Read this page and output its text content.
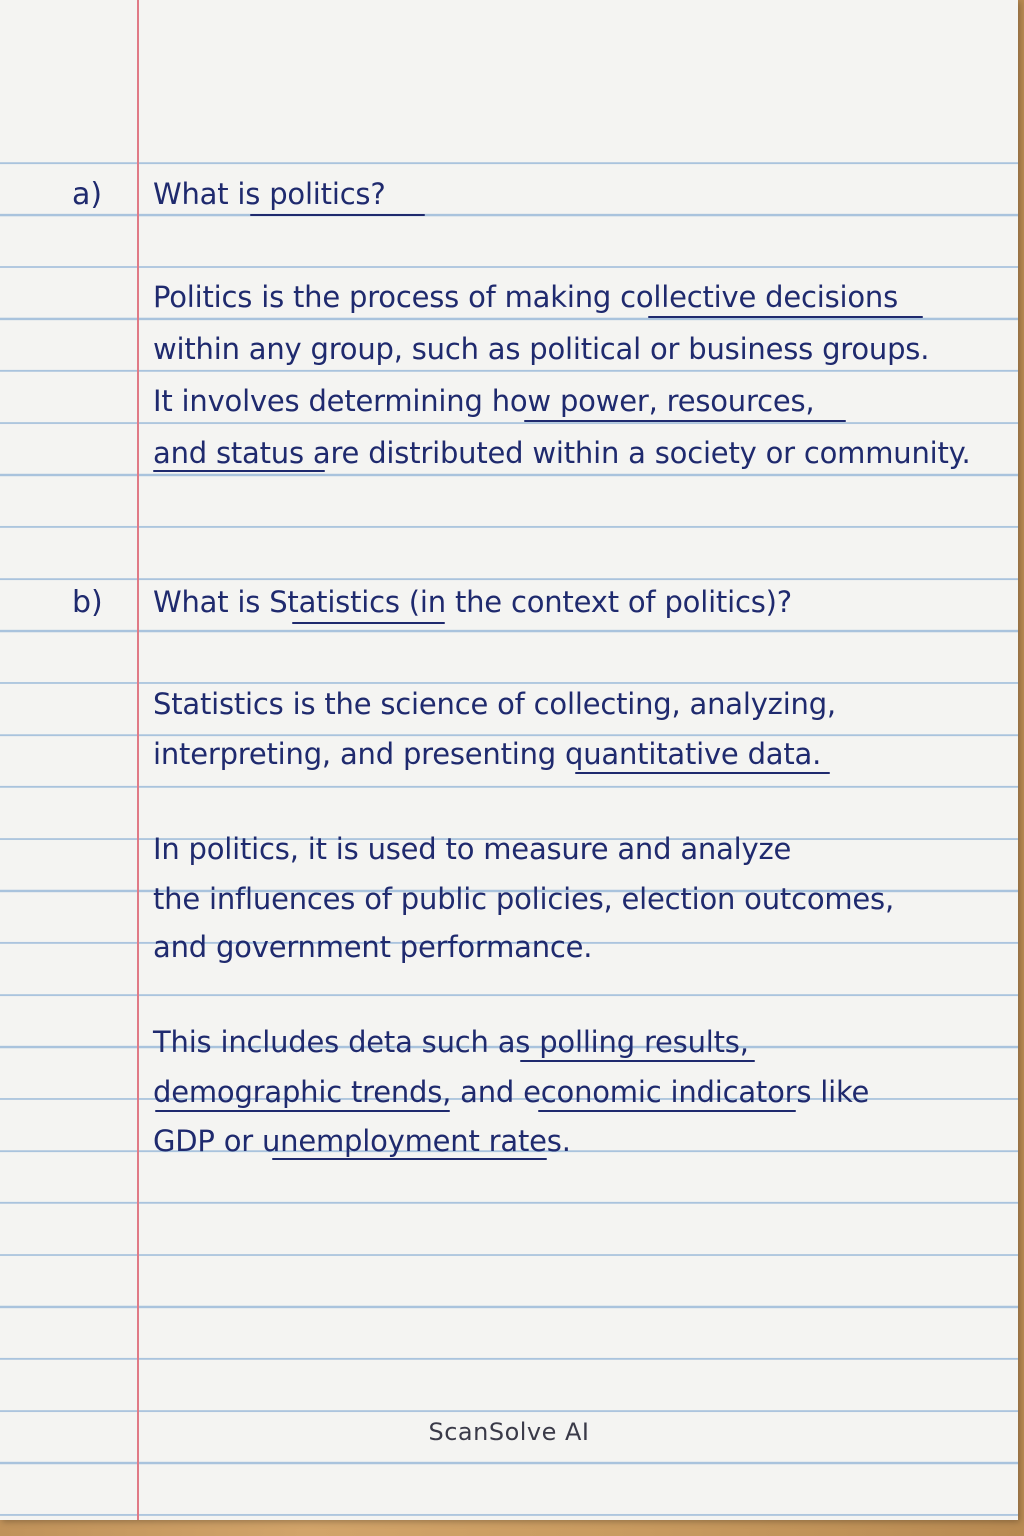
a) What is politics?
Politics is the process of making collective decisions
within any group, such as political or business groups.
It involves determining how power, resources,
and status are distributed within a society or community.
b) What is Statistics (in the context of politics)?
Statistics is the science of collecting, analyzing,
interpreting, and presenting quantitative data.
In politics, it is used to measure and analyze
the influences of public policies, election outcomes,
and government performance.
This includes deta such as polling results,
demographic trends, and economic indicators like
GDP or unemployment rates.
ScanSolve AI
